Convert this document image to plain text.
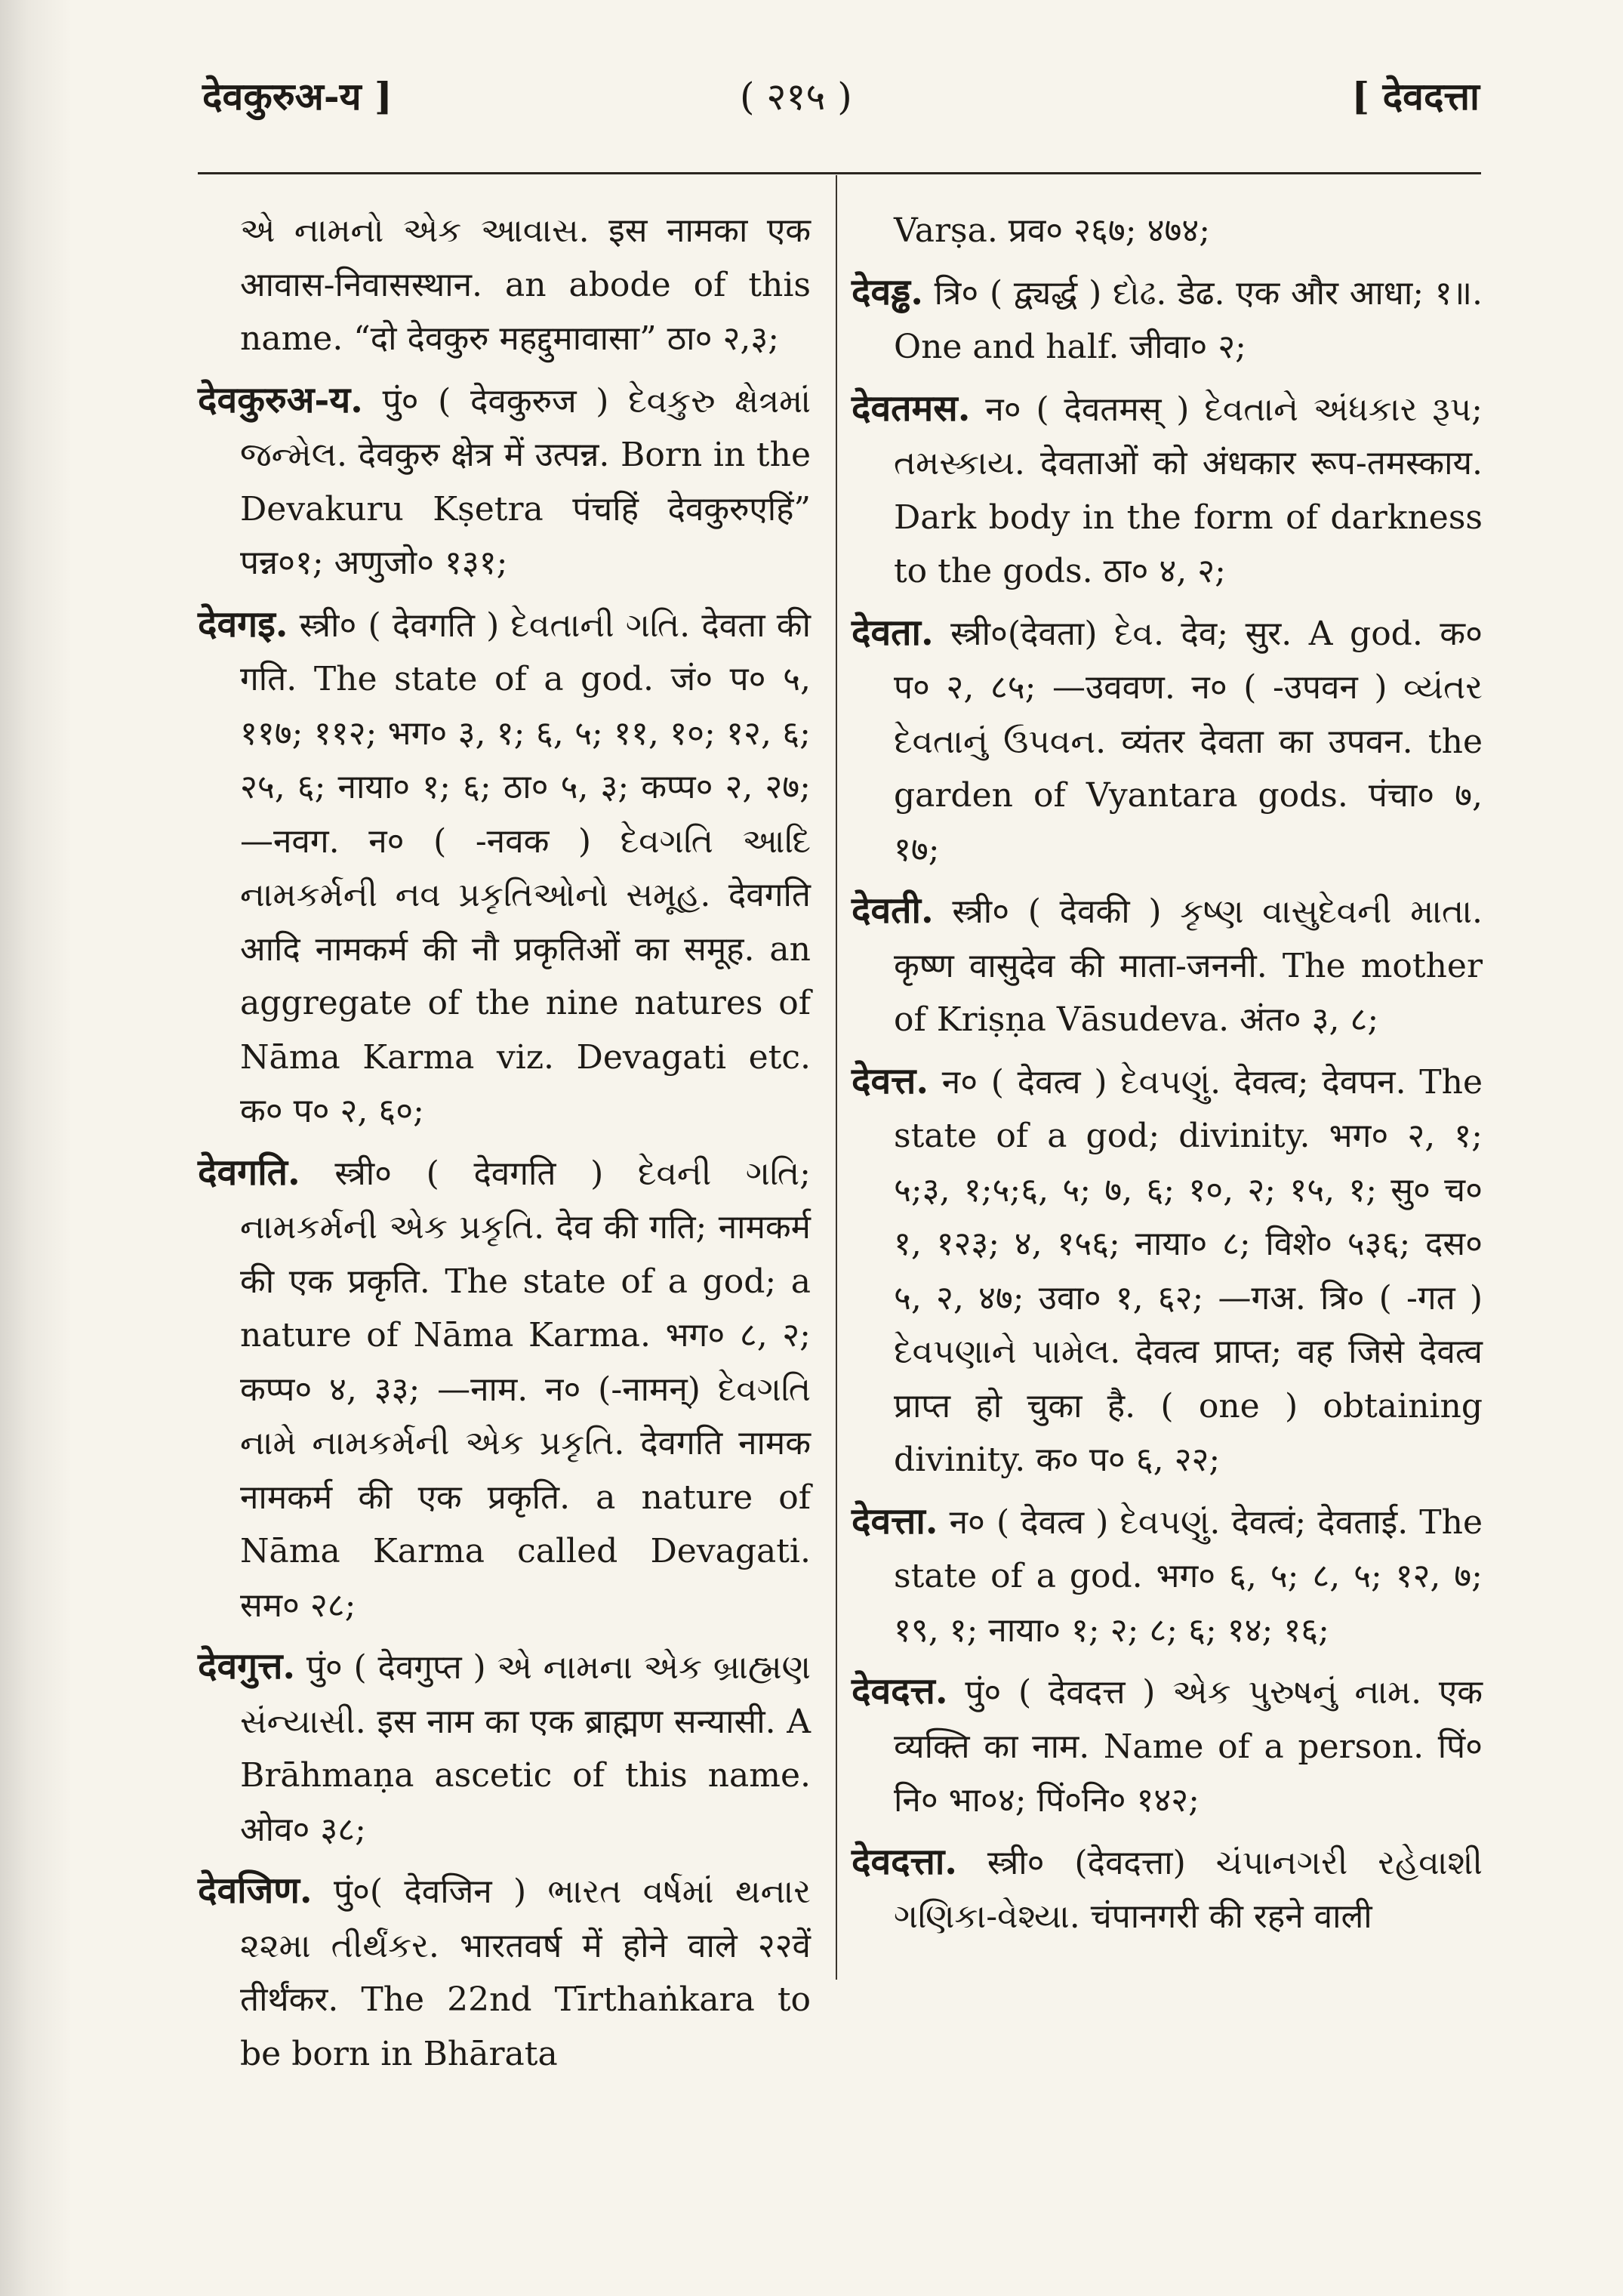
देवकुरुअ-य ]	( २१५ )	[ देवदत्ता

એ નામનો એક આવાસ. इस नामका एक आवास-निवासस्थान. an abode of this name. “दो देवकुरु महद्दुमावासा” ठा० २,३;

देवकुरुअ-य. पुं० ( देवकुरुज ) દેવકુરુ ક્ષેત્રમાં જન્મેલ. देवकुरु क्षेत्र में उत्पन्न. Born in the Devakuru Kṣetra पंचहिं देवकुरुएहिं” पन्न०१; अणुजो० १३१;

देवगइ. स्त्री० ( देवगति ) દેવતાની ગતિ. देवता की गति. The state of a god. जं० प० ५, ११७; ११२; भग० ३, १; ६, ५; ११, १०; १२, ६; २५, ६; नाया० १; ६; ठा० ५, ३; कप्प० २, २७; —नवग. न० ( -नवक ) દેવગતિ આદિ નામકર્મની નવ પ્રકૃતિઓનો સમૂહ. देवगति आदि नामकर्म की नौ प्रकृतिओं का समूह. an aggregate of the nine natures of Nāma Karma viz. Devagati etc. क० प० २, ६०;

देवगति. स्त्री० ( देवगति ) દેવની ગતિ; નામકર્મની એક પ્રકૃતિ. देव की गति; नामकर्म की एक प्रकृति. The state of a god; a nature of Nāma Karma. भग० ८, २; कप्प० ४, ३३; —नाम. न० (-नामन्) દેવગતિ નામે નામકર્મની એક પ્રકૃતિ. देवगति नामक नामकर्म की एक प्रकृति. a nature of Nāma Karma called Devagati. सम० २८;

देवगुत्त. पुं० ( देवगुप्त ) એ નામના એક બ્રાહ્મણ સંન્યાસી. इस नाम का एक ब्राह्मण सन्यासी. A Brāhmaṇa ascetic of this name. ओव० ३८;

देवजिण. पुं०( देवजिन ) ભારત વર્ષમાં થનાર ૨૨મા તીર્થંકર. भारतवर्ष में होने वाले २२वें तीर्थंकर. The 22nd Tīrthaṅkara to be born in Bhārata

Varṣa. प्रव० २६७; ४७४;

देवड्ढ. त्रि० ( द्व्यर्द्ध ) દોઢ. डेढ. एक और आधा; १॥. One and half. जीवा० २;

देवतमस. न० ( देवतमस् ) દેવતાને અંધકાર રૂપ; તમસ્કાય. देवताओं को अंधकार रूप-तमस्काय. Dark body in the form of darkness to the gods. ठा० ४, २;

देवता. स्त्री०(देवता) દેવ. देव; सुर. A god. क० प० २, ८५; —उववण. न० ( -उपवन ) વ્યંતર દેવતાનું ઉપવન. व्यंतर देवता का उपवन. the garden of Vyantara gods. पंचा० ७, १७;

देवती. स्त्री० ( देवकी ) કૃષ્ણ વાસુદેવની માતા. कृष्ण वासुदेव की माता-जननी. The mother of Kriṣṇa Vāsudeva. अंत० ३, ८;

देवत्त. न० ( देवत्व ) દેવપણું. देवत्व; देवपन. The state of a god; divinity. भग० २, १; ५;३, १;५;६, ५; ७, ६; १०, २; १५, १; सु० च० १, १२३; ४, १५६; नाया० ८; विशे० ५३६; दस० ५, २, ४७; उवा० १, ६२; —गअ. त्रि० ( -गत ) દેવપણાને પામેલ. देवत्व प्राप्त; वह जिसे देवत्व प्राप्त हो चुका है. ( one ) obtaining divinity. क० प० ६, २२;

देवत्ता. न० ( देवत्व ) દેવપણું. देवत्वं; देवताई. The state of a god. भग० ६, ५; ८, ५; १२, ७; १९, १; नाया० १; २; ८; ६; १४; १६;

देवदत्त. पुं० ( देवदत्त ) એક પુરુષનું નામ. एक व्यक्ति का नाम. Name of a person. पिं० नि० भा०४; पिं०नि० १४२;

देवदत्ता. स्त्री० (देवदत्ता) ચંપાનગરી રહેવાશી ગણિકા-વેશ્યા. चंपानगरी की रहने वाली
